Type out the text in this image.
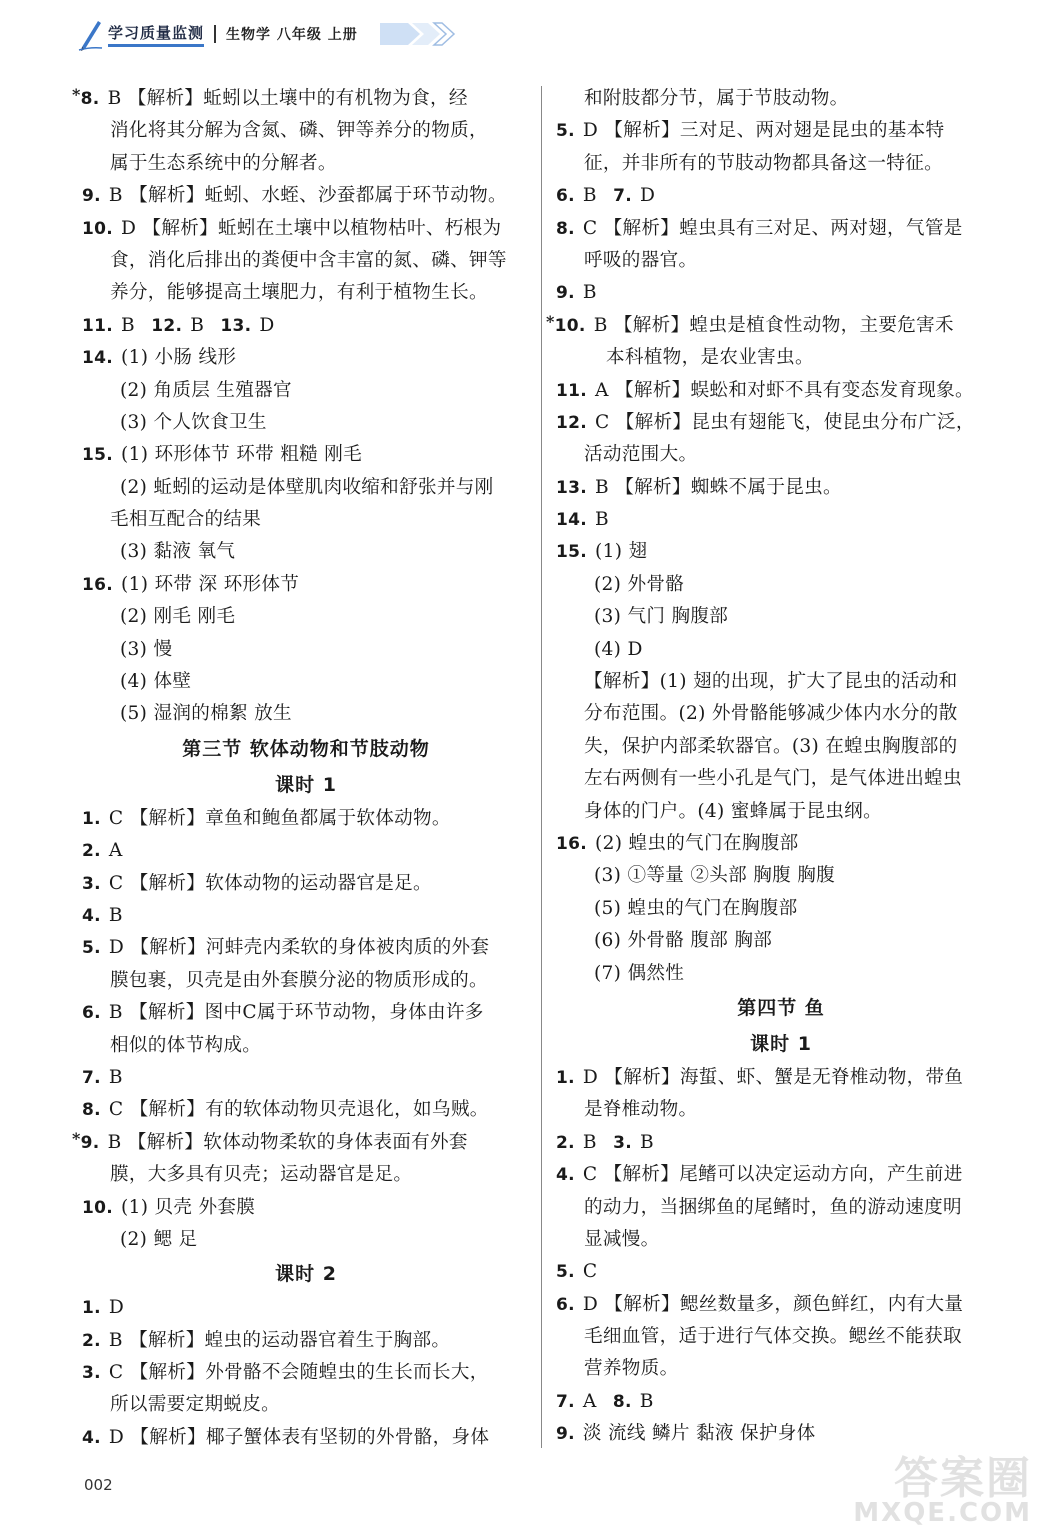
学习质量监测 生物学 八年级 上册
*8. B 【解析】蚯蚓以土壤中的有机物为食，经
消化将其分解为含氮、磷、钾等养分的物质，
属于生态系统中的分解者。
9. B 【解析】蚯蚓、水蛭、沙蚕都属于环节动物。
10. D 【解析】蚯蚓在土壤中以植物枯叶、朽根为
食，消化后排出的粪便中含丰富的氮、磷、钾等
养分，能够提高土壤肥力，有利于植物生长。
11. B 12. B 13. D
14. (1) 小肠 线形
(2) 角质层 生殖器官
(3) 个人饮食卫生
15. (1) 环形体节 环带 粗糙 刚毛
(2) 蚯蚓的运动是体壁肌肉收缩和舒张并与刚
毛相互配合的结果
(3) 黏液 氧气
16. (1) 环带 深 环形体节
(2) 刚毛 刚毛
(3) 慢
(4) 体壁
(5) 湿润的棉絮 放生
第三节 软体动物和节肢动物
课时 1
1. C 【解析】章鱼和鲍鱼都属于软体动物。
2. A
3. C 【解析】软体动物的运动器官是足。
4. B
5. D 【解析】河蚌壳内柔软的身体被肉质的外套
膜包裹，贝壳是由外套膜分泌的物质形成的。
6. B 【解析】图中C属于环节动物，身体由许多
相似的体节构成。
7. B
8. C 【解析】有的软体动物贝壳退化，如乌贼。
*9. B 【解析】软体动物柔软的身体表面有外套
膜，大多具有贝壳；运动器官是足。
10. (1) 贝壳 外套膜
(2) 鳃 足
课时 2
1. D
2. B 【解析】蝗虫的运动器官着生于胸部。
3. C 【解析】外骨骼不会随蝗虫的生长而长大，
所以需要定期蜕皮。
4. D 【解析】椰子蟹体表有坚韧的外骨骼，身体
和附肢都分节，属于节肢动物。
5. D 【解析】三对足、两对翅是昆虫的基本特
征，并非所有的节肢动物都具备这一特征。
6. B 7. D
8. C 【解析】蝗虫具有三对足、两对翅，气管是
呼吸的器官。
9. B
*10. B 【解析】蝗虫是植食性动物，主要危害禾
本科植物，是农业害虫。
11. A 【解析】蜈蚣和对虾不具有变态发育现象。
12. C 【解析】昆虫有翅能飞，使昆虫分布广泛，
活动范围大。
13. B 【解析】蜘蛛不属于昆虫。
14. B
15. (1) 翅
(2) 外骨骼
(3) 气门 胸腹部
(4) D
【解析】(1) 翅的出现，扩大了昆虫的活动和
分布范围。(2) 外骨骼能够减少体内水分的散
失，保护内部柔软器官。(3) 在蝗虫胸腹部的
左右两侧有一些小孔是气门，是气体进出蝗虫
身体的门户。(4) 蜜蜂属于昆虫纲。
16. (2) 蝗虫的气门在胸腹部
(3) ①等量 ②头部 胸腹 胸腹
(5) 蝗虫的气门在胸腹部
(6) 外骨骼 腹部 胸部
(7) 偶然性
第四节 鱼
课时 1
1. D 【解析】海蜇、虾、蟹是无脊椎动物，带鱼
是脊椎动物。
2. B 3. B
4. C 【解析】尾鳍可以决定运动方向，产生前进
的动力，当捆绑鱼的尾鳍时，鱼的游动速度明
显减慢。
5. C
6. D 【解析】鳃丝数量多，颜色鲜红，内有大量
毛细血管，适于进行气体交换。鳃丝不能获取
营养物质。
7. A 8. B
9. 淡 流线 鳞片 黏液 保护身体
002	答案圈
MXQE.COM
